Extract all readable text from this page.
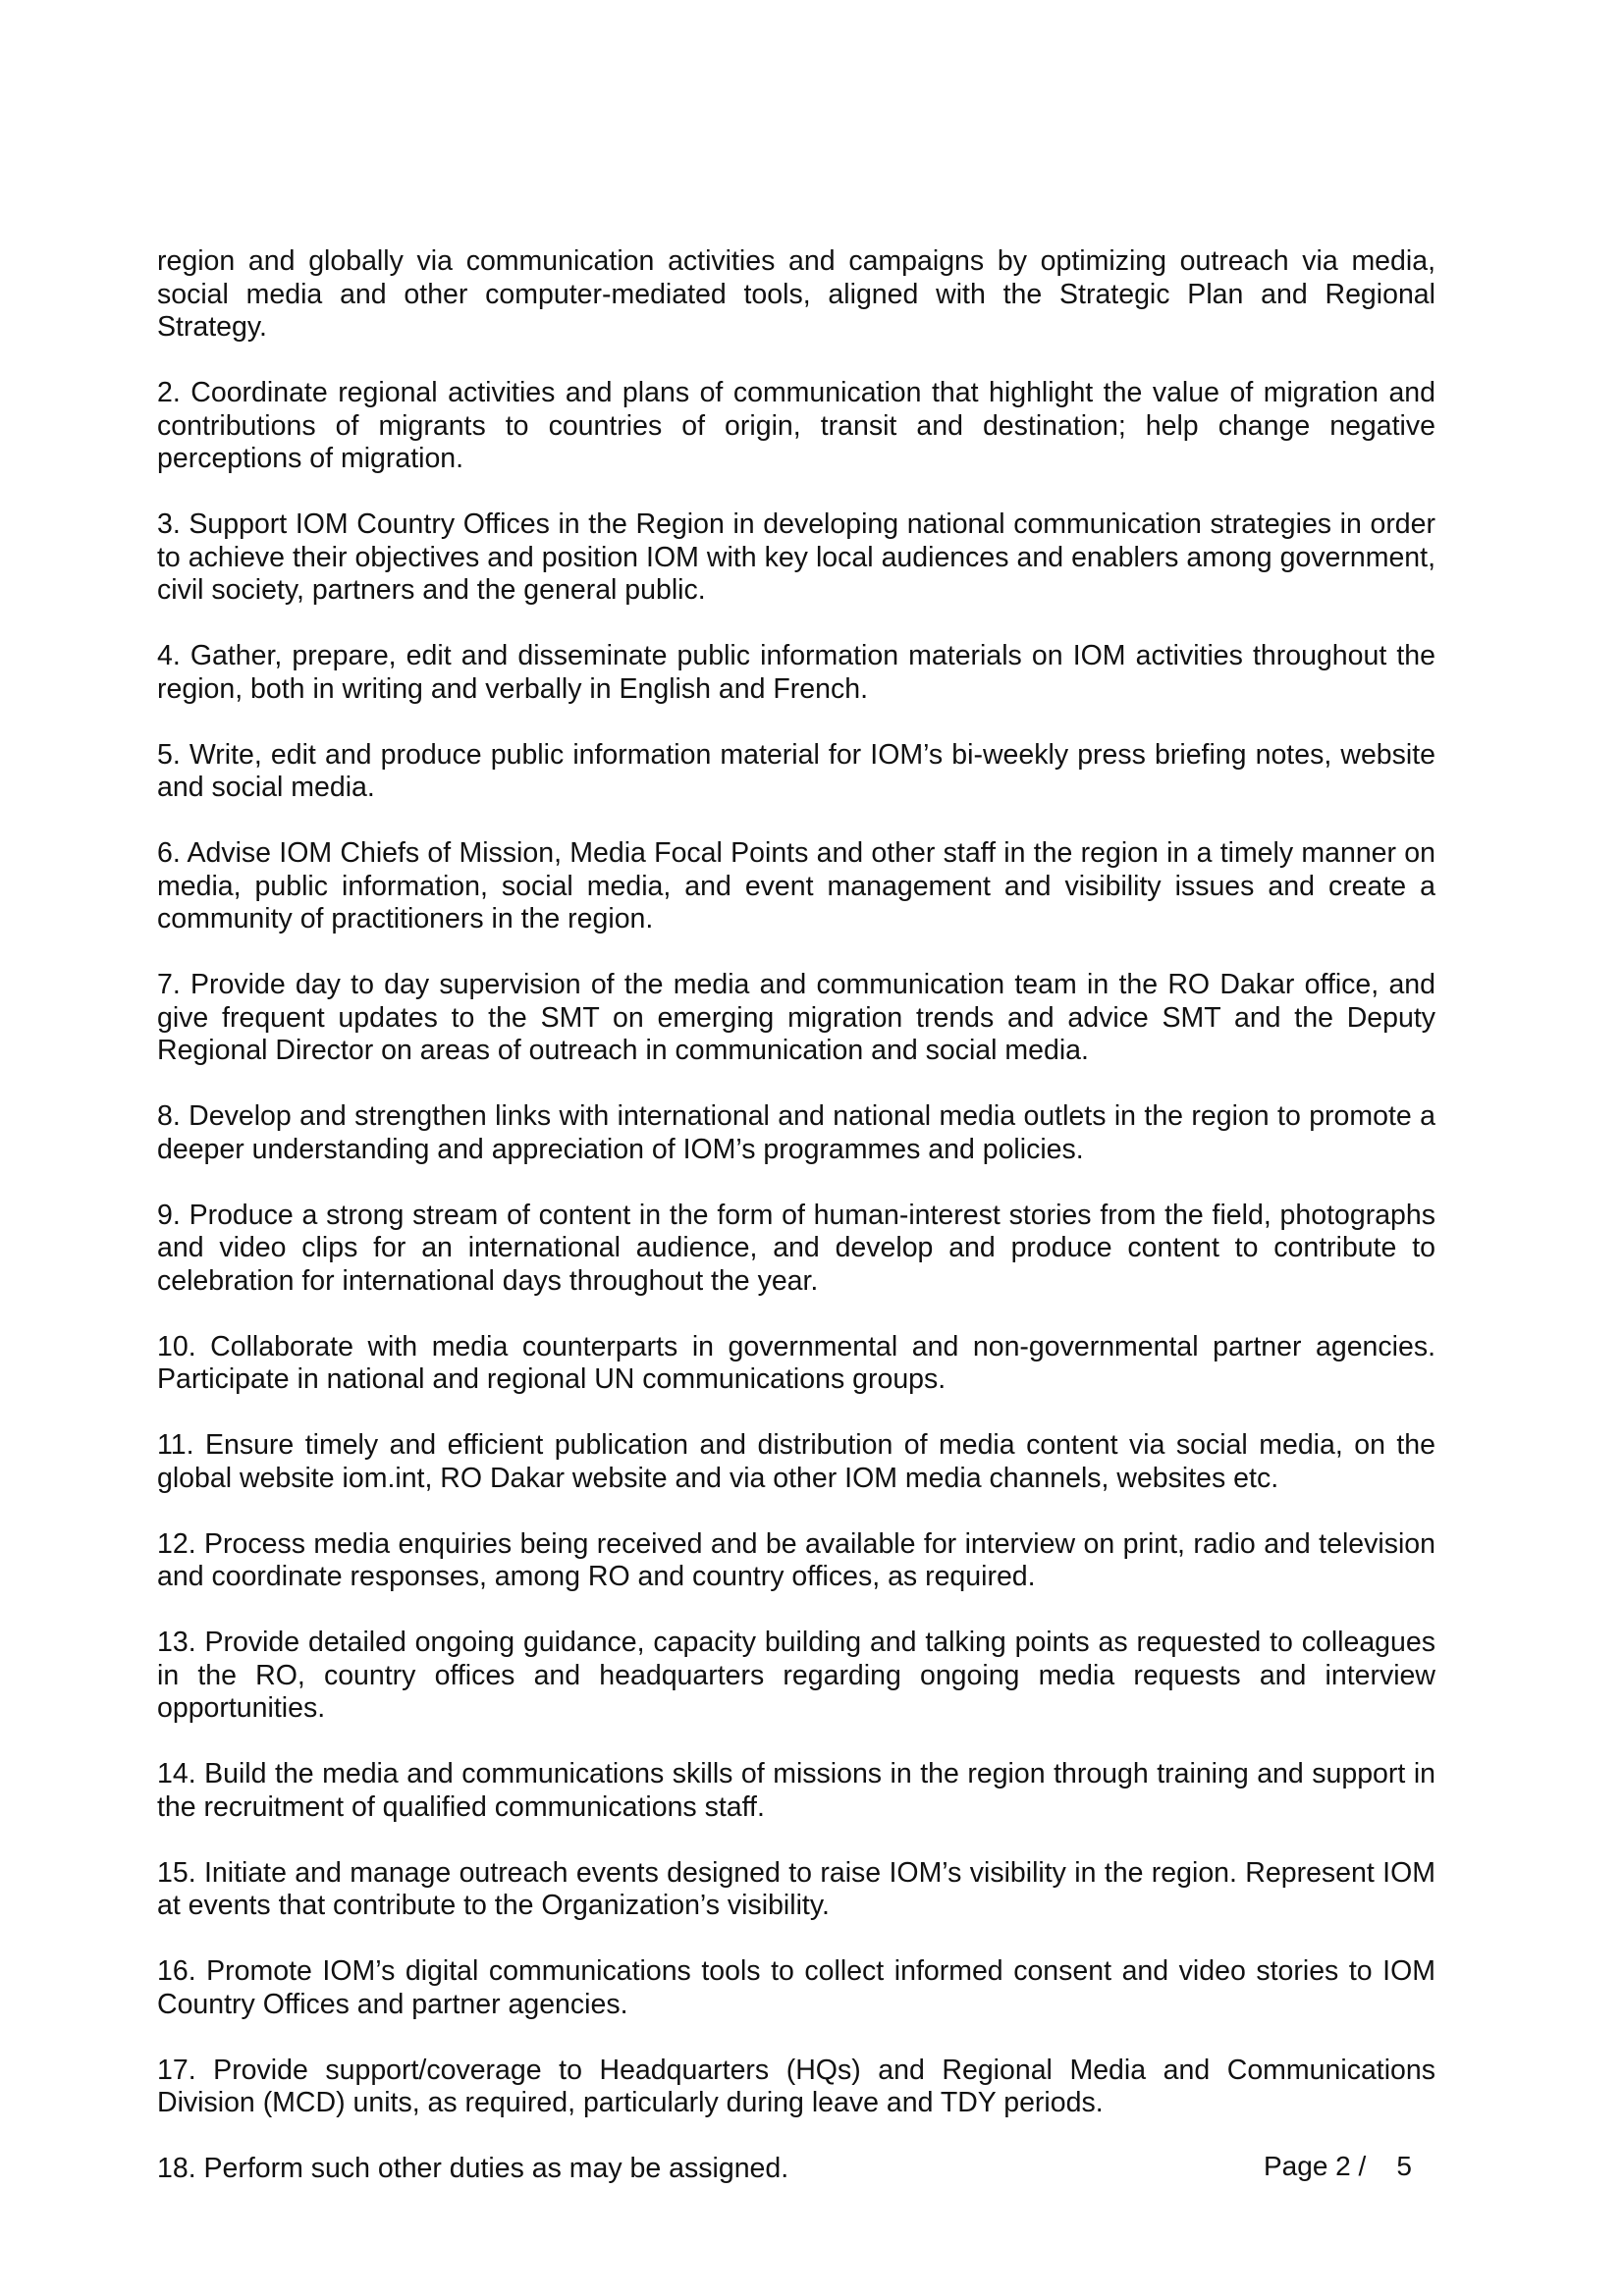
region and globally via communication activities and campaigns by optimizing outreach via media, social media and other computer-mediated tools, aligned with the Strategic Plan and Regional Strategy.

2. Coordinate regional activities and plans of communication that highlight the value of migration and contributions of migrants to countries of origin, transit and destination; help change negative perceptions of migration.

3. Support IOM Country Offices in the Region in developing national communication strategies in order to achieve their objectives and position IOM with key local audiences and enablers among government, civil society, partners and the general public.

4. Gather, prepare, edit and disseminate public information materials on IOM activities throughout the region, both in writing and verbally in English and French.

5. Write, edit and produce public information material for IOM’s bi-weekly press briefing notes, website and social media.

6. Advise IOM Chiefs of Mission, Media Focal Points and other staff in the region in a timely manner on media, public information, social media, and event management and visibility issues and create a community of practitioners in the region.

7. Provide day to day supervision of the media and communication team in the RO Dakar office, and give frequent updates to the SMT on emerging migration trends and advice SMT and the Deputy Regional Director on areas of outreach in communication and social media.

8. Develop and strengthen links with international and national media outlets in the region to promote a deeper understanding and appreciation of IOM’s programmes and policies.

9. Produce a strong stream of content in the form of human-interest stories from the field, photographs and video clips for an international audience, and develop and produce content to contribute to celebration for international days throughout the year.

10. Collaborate with media counterparts in governmental and non-governmental partner agencies. Participate in national and regional UN communications groups.

11. Ensure timely and efficient publication and distribution of media content via social media, on the global website iom.int, RO Dakar website and via other IOM media channels, websites etc.

12. Process media enquiries being received and be available for interview on print, radio and television and coordinate responses, among RO and country offices, as required.

13. Provide detailed ongoing guidance, capacity building and talking points as requested to colleagues in the RO, country offices and headquarters regarding ongoing media requests and interview opportunities.

14. Build the media and communications skills of missions in the region through training and support in the recruitment of qualified communications staff.

15. Initiate and manage outreach events designed to raise IOM’s visibility in the region. Represent IOM at events that contribute to the Organization’s visibility.

16. Promote IOM’s digital communications tools to collect informed consent and video stories to IOM Country Offices and partner agencies.

17. Provide support/coverage to Headquarters (HQs) and Regional Media and Communications Division (MCD) units, as required, particularly during leave and TDY periods.

18. Perform such other duties as may be assigned.	Page 2 /    5
